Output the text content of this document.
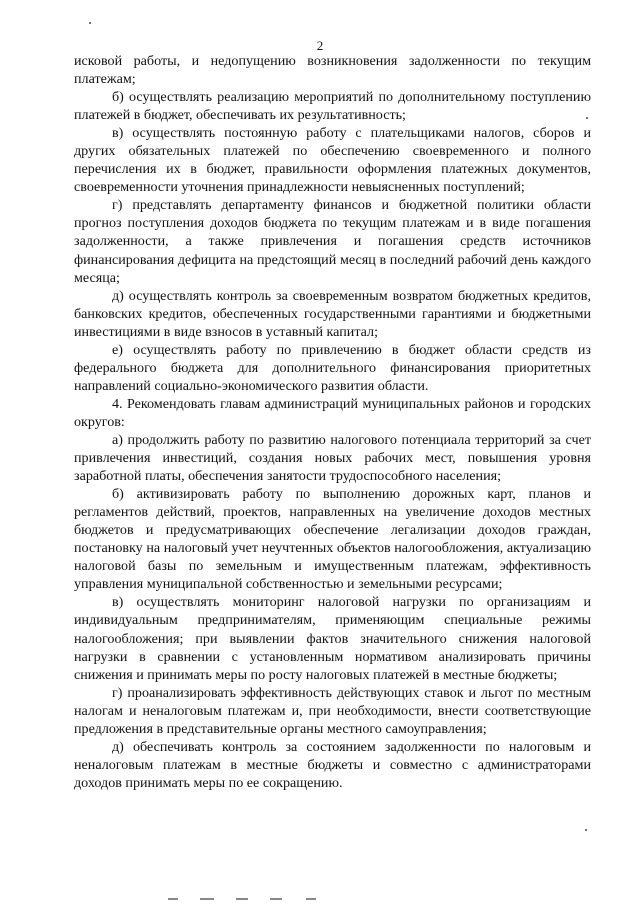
2

исковой работы, и недопущению возникновения задолженности по текущим платежам;

б) осуществлять реализацию мероприятий по дополнительному поступлению платежей в бюджет, обеспечивать их результативность;

в) осуществлять постоянную работу с плательщиками налогов, сборов и других обязательных платежей по обеспечению своевременного и полного перечисления их в бюджет, правильности оформления платежных документов, своевременности уточнения принадлежности невыясненных поступлений;

г) представлять департаменту финансов и бюджетной политики области прогноз поступления доходов бюджета по текущим платежам и в виде погашения задолженности, а также привлечения и погашения средств источников финансирования дефицита на предстоящий месяц в последний рабочий день каждого месяца;

д) осуществлять контроль за своевременным возвратом бюджетных кредитов, банковских кредитов, обеспеченных государственными гарантиями и бюджетными инвестициями в виде взносов в уставный капитал;

е) осуществлять работу по привлечению в бюджет области средств из федерального бюджета для дополнительного финансирования приоритетных направлений социально-экономического развития области.

4. Рекомендовать главам администраций муниципальных районов и городских округов:

а) продолжить работу по развитию налогового потенциала территорий за счет привлечения инвестиций, создания новых рабочих мест, повышения уровня заработной платы, обеспечения занятости трудоспособного населения;

б) активизировать работу по выполнению дорожных карт, планов и регламентов действий, проектов, направленных на увеличение доходов местных бюджетов и предусматривающих обеспечение легализации доходов граждан, постановку на налоговый учет неучтенных объектов налогообложения, актуализацию налоговой базы по земельным и имущественным платежам, эффективность управления муниципальной собственностью и земельными ресурсами;

в) осуществлять мониторинг налоговой нагрузки по организациям и индивидуальным предпринимателям, применяющим специальные режимы налогообложения; при выявлении фактов значительного снижения налоговой нагрузки в сравнении с установленным нормативом анализировать причины снижения и принимать меры по росту налоговых платежей в местные бюджеты;

г) проанализировать эффективность действующих ставок и льгот по местным налогам и неналоговым платежам и, при необходимости, внести соответствующие предложения в представительные органы местного самоуправления;

д) обеспечивать контроль за состоянием задолженности по налоговым и неналоговым платежам в местные бюджеты и совместно с администраторами доходов принимать меры по ее сокращению.
